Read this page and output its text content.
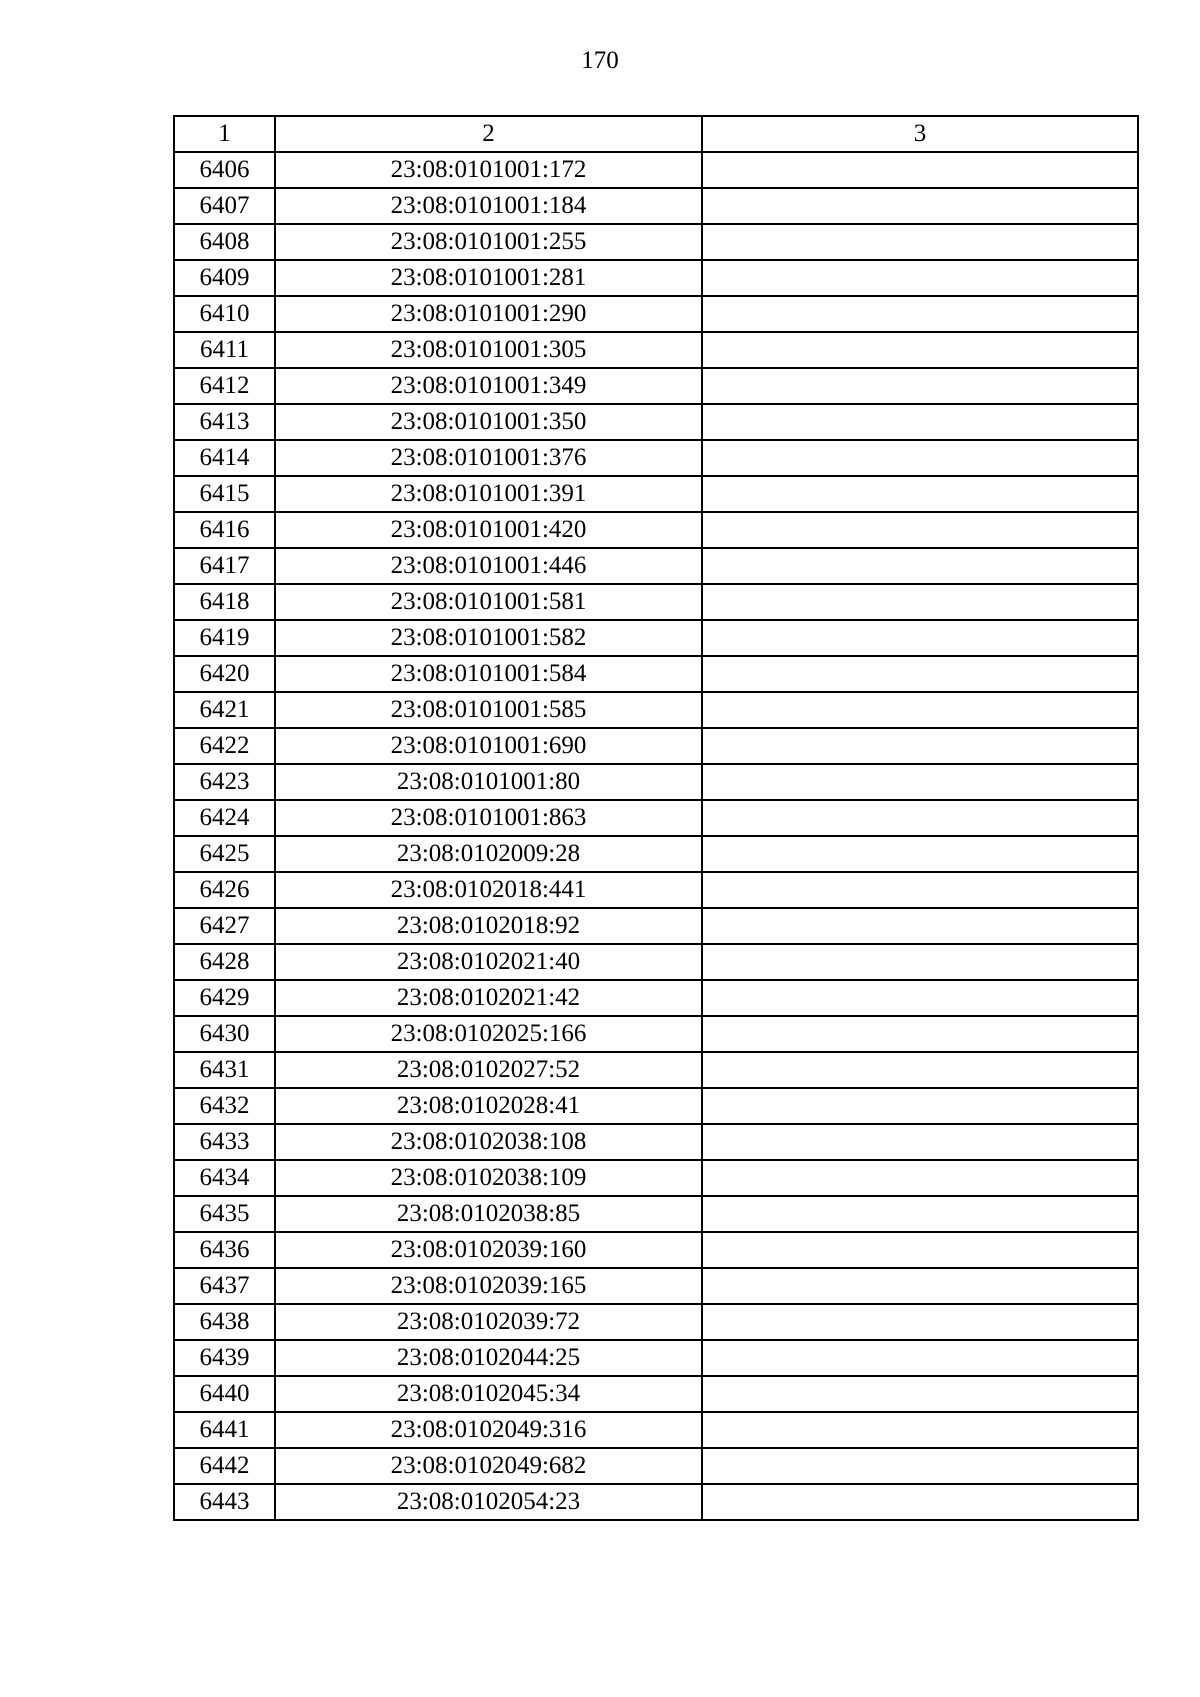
170
1	2	3
6406	23:08:0101001:172	
6407	23:08:0101001:184	
6408	23:08:0101001:255	
6409	23:08:0101001:281	
6410	23:08:0101001:290	
6411	23:08:0101001:305	
6412	23:08:0101001:349	
6413	23:08:0101001:350	
6414	23:08:0101001:376	
6415	23:08:0101001:391	
6416	23:08:0101001:420	
6417	23:08:0101001:446	
6418	23:08:0101001:581	
6419	23:08:0101001:582	
6420	23:08:0101001:584	
6421	23:08:0101001:585	
6422	23:08:0101001:690	
6423	23:08:0101001:80	
6424	23:08:0101001:863	
6425	23:08:0102009:28	
6426	23:08:0102018:441	
6427	23:08:0102018:92	
6428	23:08:0102021:40	
6429	23:08:0102021:42	
6430	23:08:0102025:166	
6431	23:08:0102027:52	
6432	23:08:0102028:41	
6433	23:08:0102038:108	
6434	23:08:0102038:109	
6435	23:08:0102038:85	
6436	23:08:0102039:160	
6437	23:08:0102039:165	
6438	23:08:0102039:72	
6439	23:08:0102044:25	
6440	23:08:0102045:34	
6441	23:08:0102049:316	
6442	23:08:0102049:682	
6443	23:08:0102054:23	
